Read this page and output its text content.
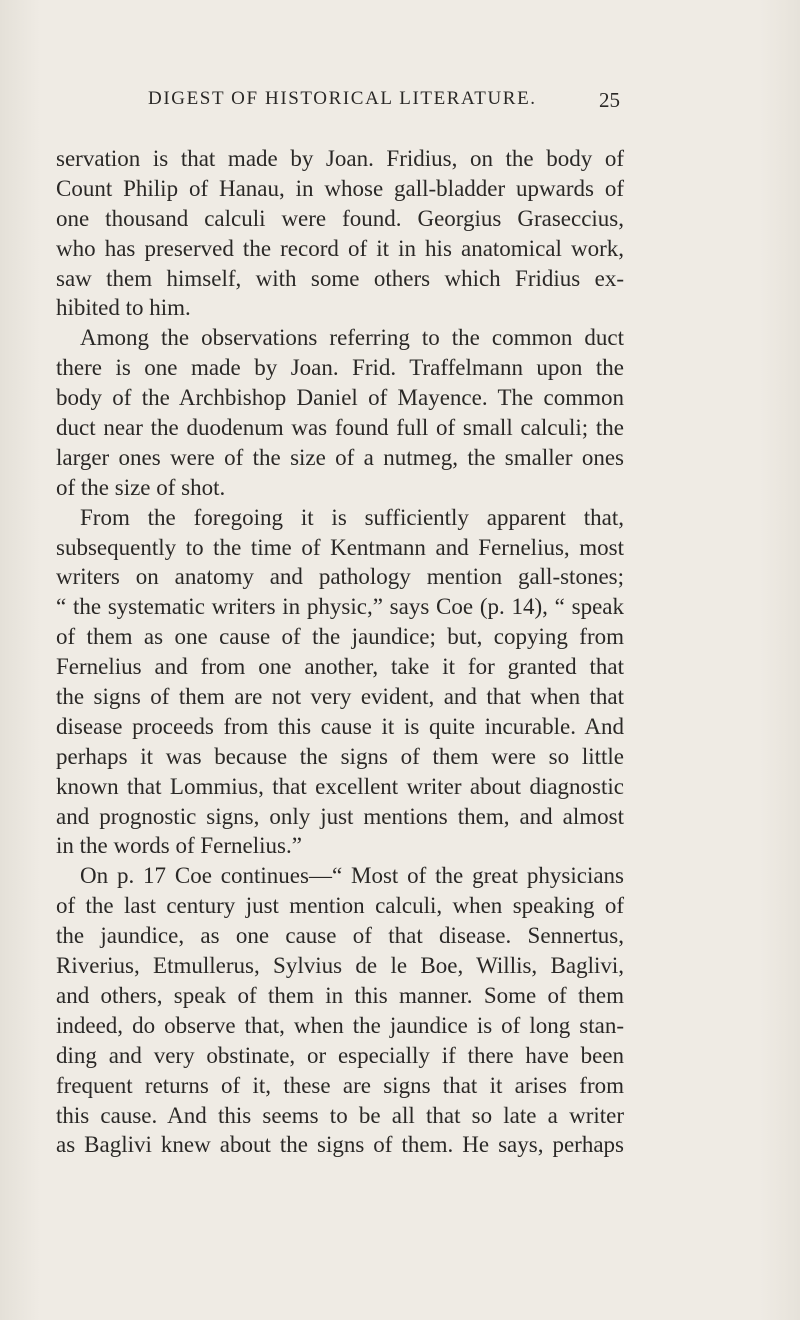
DIGEST OF HISTORICAL LITERATURE.	25
servation is that made by Joan. Fridius, on the body of
Count Philip of Hanau, in whose gall-bladder upwards of
one thousand calculi were found. Georgius Graseccius,
who has preserved the record of it in his anatomical work,
saw them himself, with some others which Fridius ex-
hibited to him.
Among the observations referring to the common duct
there is one made by Joan. Frid. Traffelmann upon the
body of the Archbishop Daniel of Mayence. The common
duct near the duodenum was found full of small calculi; the
larger ones were of the size of a nutmeg, the smaller ones
of the size of shot.
From the foregoing it is sufficiently apparent that,
subsequently to the time of Kentmann and Fernelius, most
writers on anatomy and pathology mention gall-stones;
“ the systematic writers in physic,” says Coe (p. 14), “ speak
of them as one cause of the jaundice; but, copying from
Fernelius and from one another, take it for granted that
the signs of them are not very evident, and that when that
disease proceeds from this cause it is quite incurable. And
perhaps it was because the signs of them were so little
known that Lommius, that excellent writer about diagnostic
and prognostic signs, only just mentions them, and almost
in the words of Fernelius.”
On p. 17 Coe continues—“ Most of the great physicians
of the last century just mention calculi, when speaking of
the jaundice, as one cause of that disease. Sennertus,
Riverius, Etmullerus, Sylvius de le Boe, Willis, Baglivi,
and others, speak of them in this manner. Some of them
indeed, do observe that, when the jaundice is of long stan-
ding and very obstinate, or especially if there have been
frequent returns of it, these are signs that it arises from
this cause. And this seems to be all that so late a writer
as Baglivi knew about the signs of them. He says, perhaps
